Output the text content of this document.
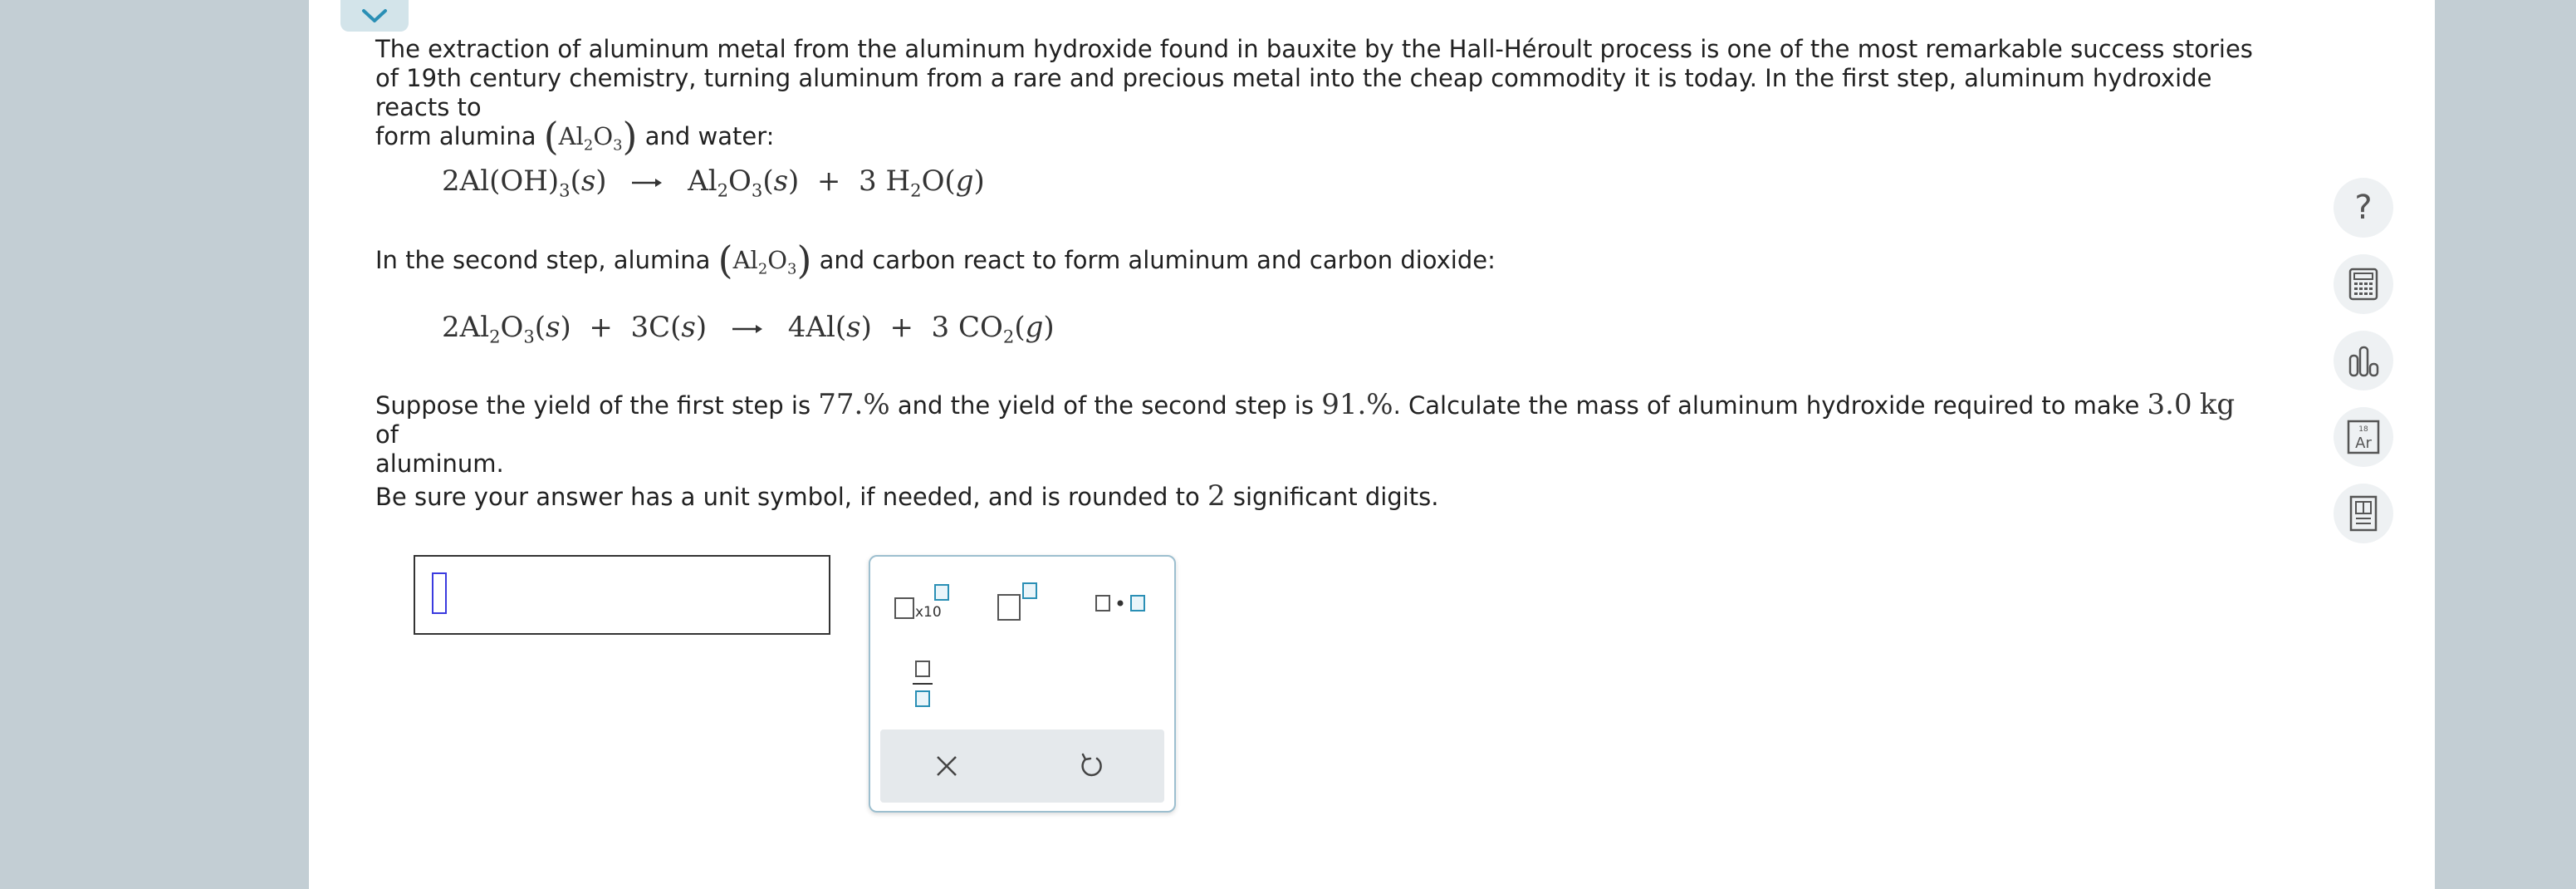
The extraction of aluminum metal from the aluminum hydroxide found in bauxite by the Hall-Héroult process is one of the most remarkable success stories of 19th century chemistry, turning aluminum from a rare and precious metal into the cheap commodity it is today. In the first step, aluminum hydroxide reacts to
form alumina $(Al_2O_3)$ and water:

$2Al(OH)_3(s) \to Al_2O_3(s) + 3$ $H_2O(g)$

In the second step, alumina $(Al_2O_3)$ and carbon react to form aluminum and carbon dioxide:

$2Al_2O_3(s) + 3C(s) \to 4Al(s) + 3$ $CO_2(g)$

Suppose the yield of the first step is 77.% and the yield of the second step is 91.%. Calculate the mass of aluminum hydroxide required to make 3.0 kg of
aluminum.

Be sure your answer has a unit symbol, if needed, and is rounded to 2 significant digits.

x10
?
18
Ar
